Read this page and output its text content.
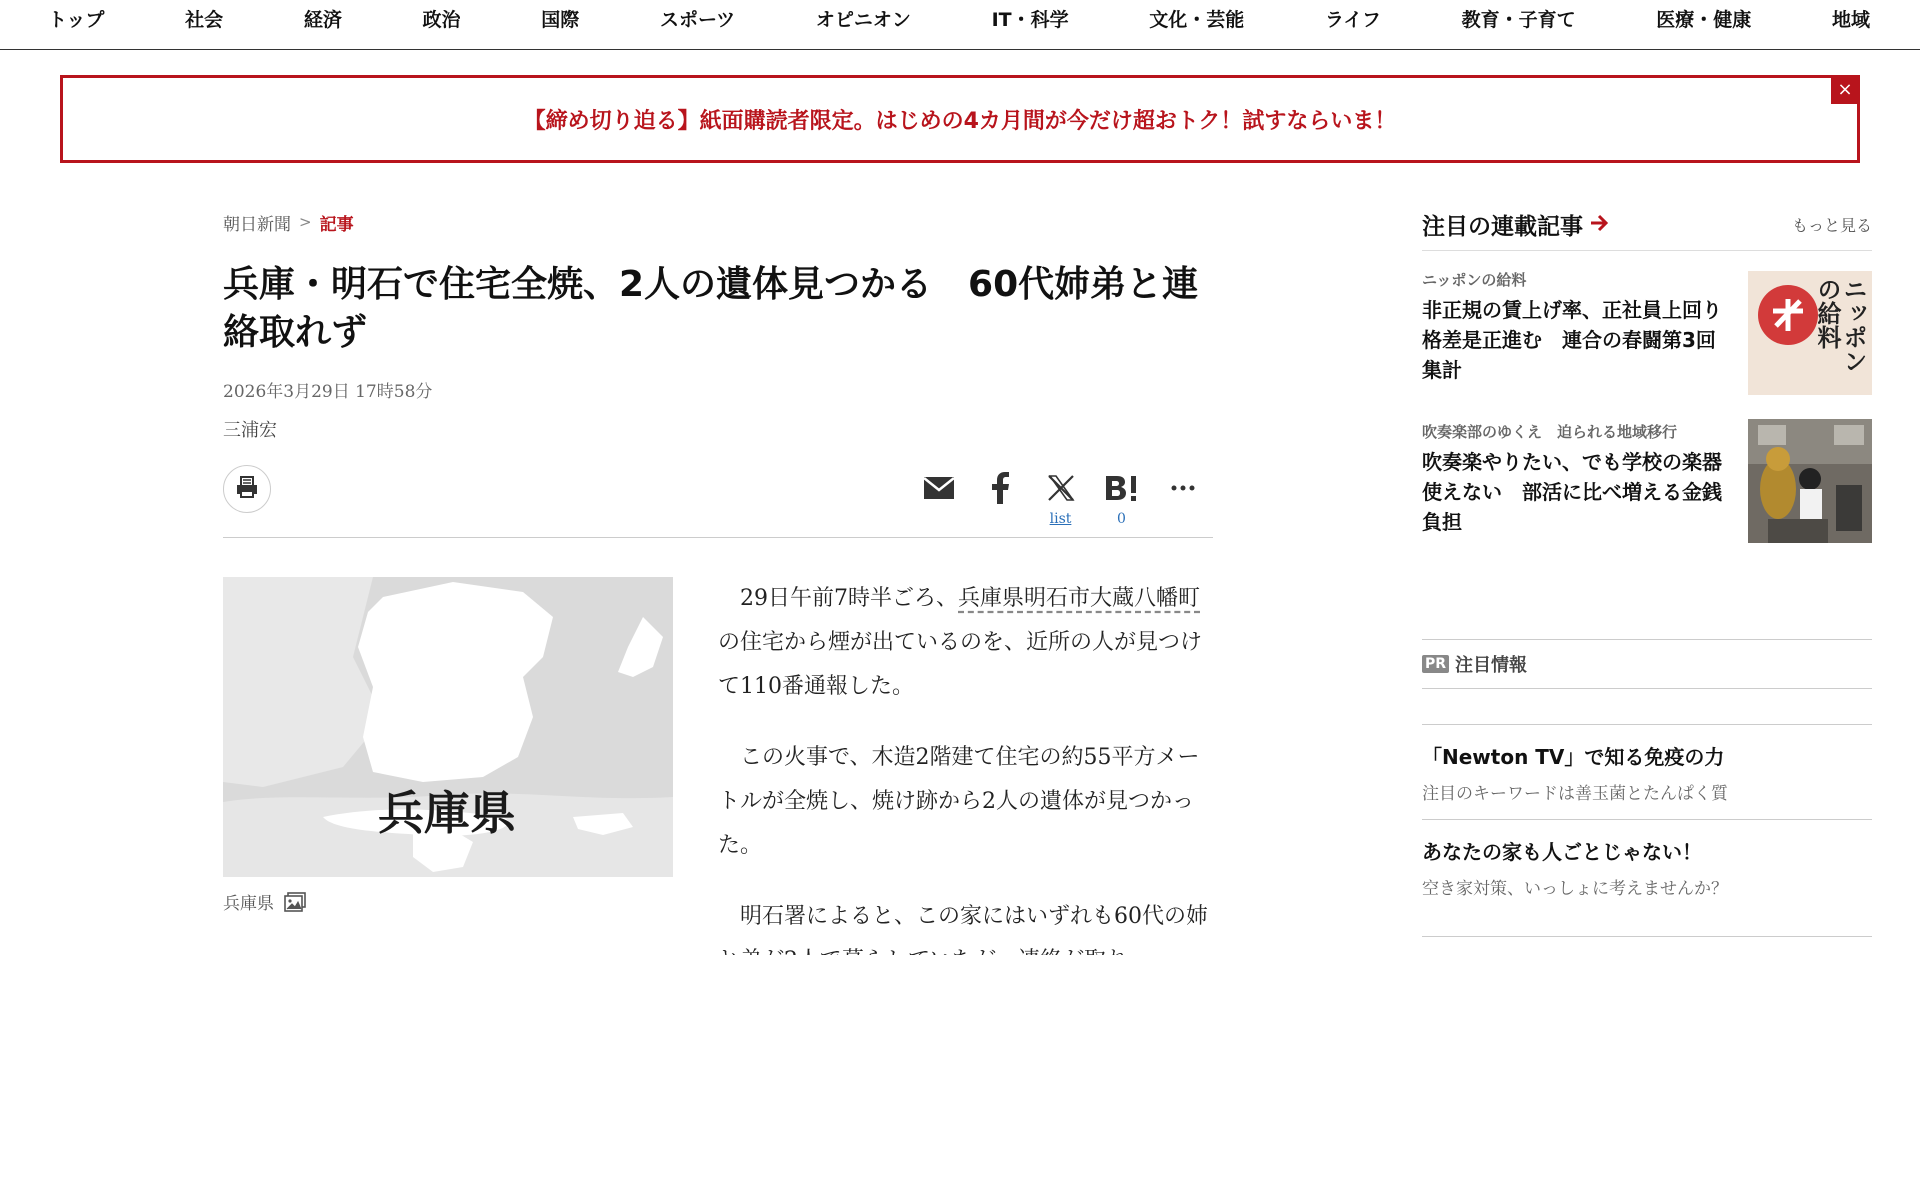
トップ	社会	経済	政治	国際	スポーツ	オピニオン	IT・科学	文化・芸能	ライフ	教育・子育て	医療・健康	地域
【締め切り迫る】紙面購読者限定。はじめの4カ月間が今だけ超おトク！試すならいま！
×
朝日新聞 > 記事
兵庫・明石で住宅全焼、2人の遺体見つかる　60代姉弟と連絡取れず
2026年3月29日 17時58分
三浦宏
list	0
兵庫県
兵庫県

29日午前7時半ごろ、兵庫県明石市大蔵八幡町の住宅から煙が出ているのを、近所の人が見つけて110番通報した。

この火事で、木造2階建て住宅の約55平方メートルが全焼し、焼け跡から2人の遺体が見つかった。

明石署によると、この家にはいずれも60代の姉

注目の連載記事	もっと見る
ニッポンの給料
非正規の賃上げ率、正社員上回り格差是正進む　連合の春闘第3回集計	ニッポンの給料
吹奏楽部のゆくえ　迫られる地域移行
吹奏楽やりたい、でも学校の楽器使えない　部活に比べ増える金銭負担
PR 注目情報
「Newton TV」で知る免疫の力
注目のキーワードは善玉菌とたんぱく質
あなたの家も人ごとじゃない！
空き家対策、いっしょに考えませんか？
